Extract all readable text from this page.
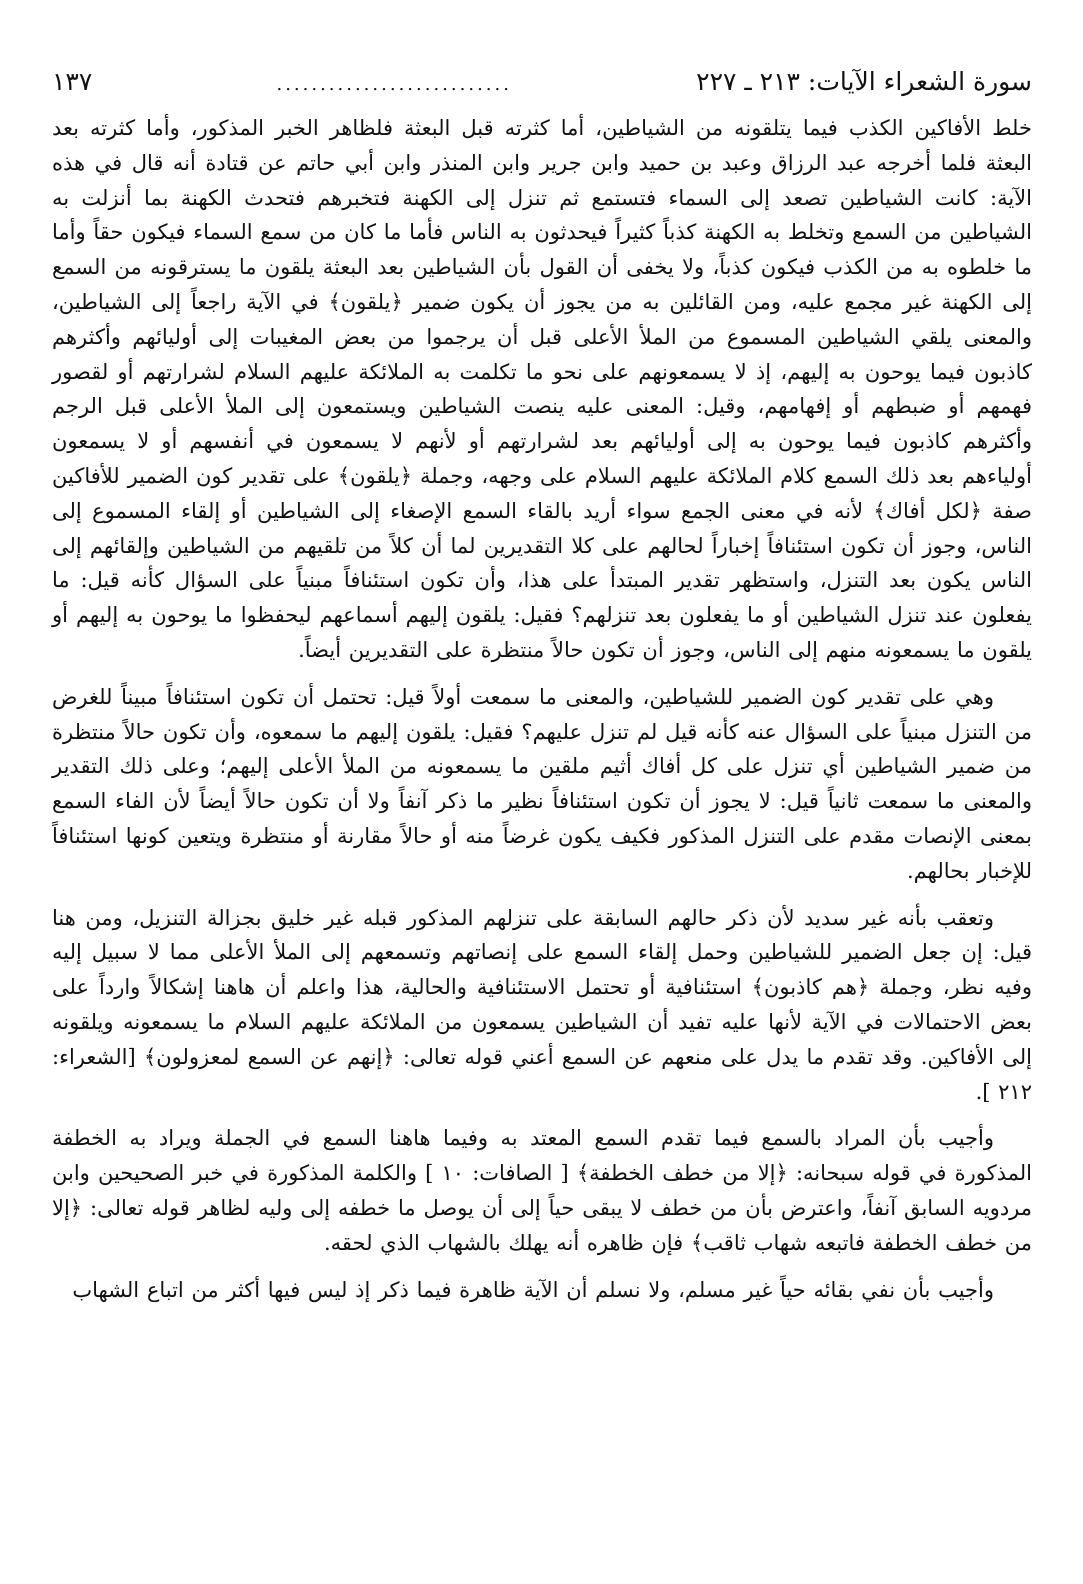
سورة الشعراء الآيات: ٢١٣ ـ ٢٢٧
...........................
١٣٧

خلط الأفاكين الكذب فيما يتلقونه من الشياطين، أما كثرته قبل البعثة فلظاهر الخبر المذكور، وأما كثرته بعد البعثة فلما أخرجه عبد الرزاق وعبد بن حميد وابن جرير وابن المنذر وابن أبي حاتم عن قتادة أنه قال في هذه الآية: كانت الشياطين تصعد إلى السماء فتستمع ثم تنزل إلى الكهنة فتخبرهم فتحدث الكهنة بما أنزلت به الشياطين من السمع وتخلط به الكهنة كذباً كثيراً فيحدثون به الناس فأما ما كان من سمع السماء فيكون حقاً وأما ما خلطوه به من الكذب فيكون كذباً، ولا يخفى أن القول بأن الشياطين بعد البعثة يلقون ما يسترقونه من السمع إلى الكهنة غير مجمع عليه، ومن القائلين به من يجوز أن يكون ضمير ﴿يلقون﴾ في الآية راجعاً إلى الشياطين، والمعنى يلقي الشياطين المسموع من الملأ الأعلى قبل أن يرجموا من بعض المغيبات إلى أوليائهم وأكثرهم كاذبون فيما يوحون به إليهم، إذ لا يسمعونهم على نحو ما تكلمت به الملائكة عليهم السلام لشرارتهم أو لقصور فهمهم أو ضبطهم أو إفهامهم، وقيل: المعنى عليه ينصت الشياطين ويستمعون إلى الملأ الأعلى قبل الرجم وأكثرهم كاذبون فيما يوحون به إلى أوليائهم بعد لشرارتهم أو لأنهم لا يسمعون في أنفسهم أو لا يسمعون أولياءهم بعد ذلك السمع كلام الملائكة عليهم السلام على وجهه، وجملة ﴿يلقون﴾ على تقدير كون الضمير للأفاكين صفة ﴿لكل أفاك﴾ لأنه في معنى الجمع سواء أريد بالقاء السمع الإصغاء إلى الشياطين أو إلقاء المسموع إلى الناس، وجوز أن تكون استئنافاً إخباراً لحالهم على كلا التقديرين لما أن كلاً من تلقيهم من الشياطين وإلقائهم إلى الناس يكون بعد التنزل، واستظهر تقدير المبتدأ على هذا، وأن تكون استئنافاً مبنياً على السؤال كأنه قيل: ما يفعلون عند تنزل الشياطين أو ما يفعلون بعد تنزلهم؟ فقيل: يلقون إليهم أسماعهم ليحفظوا ما يوحون به إليهم أو يلقون ما يسمعونه منهم إلى الناس، وجوز أن تكون حالاً منتظرة على التقديرين أيضاً.

وهي على تقدير كون الضمير للشياطين، والمعنى ما سمعت أولاً قيل: تحتمل أن تكون استئنافاً مبيناً للغرض من التنزل مبنياً على السؤال عنه كأنه قيل لم تنزل عليهم؟ فقيل: يلقون إليهم ما سمعوه، وأن تكون حالاً منتظرة من ضمير الشياطين أي تنزل على كل أفاك أثيم ملقين ما يسمعونه من الملأ الأعلى إليهم؛ وعلى ذلك التقدير والمعنى ما سمعت ثانياً قيل: لا يجوز أن تكون استئنافاً نظير ما ذكر آنفاً ولا أن تكون حالاً أيضاً لأن الفاء السمع بمعنى الإنصات مقدم على التنزل المذكور فكيف يكون غرضاً منه أو حالاً مقارنة أو منتظرة ويتعين كونها استئنافاً للإخبار بحالهم.

وتعقب بأنه غير سديد لأن ذكر حالهم السابقة على تنزلهم المذكور قبله غير خليق بجزالة التنزيل، ومن هنا قيل: إن جعل الضمير للشياطين وحمل إلقاء السمع على إنصاتهم وتسمعهم إلى الملأ الأعلى مما لا سبيل إليه وفيه نظر، وجملة ﴿هم كاذبون﴾ استئنافية أو تحتمل الاستئنافية والحالية، هذا واعلم أن هاهنا إشكالاً وارداً على بعض الاحتمالات في الآية لأنها عليه تفيد أن الشياطين يسمعون من الملائكة عليهم السلام ما يسمعونه ويلقونه إلى الأفاكين. وقد تقدم ما يدل على منعهم عن السمع أعني قوله تعالى: ﴿إنهم عن السمع لمعزولون﴾ [الشعراء: ٢١٢ ].

وأجيب بأن المراد بالسمع فيما تقدم السمع المعتد به وفيما هاهنا السمع في الجملة ويراد به الخطفة المذكورة في قوله سبحانه: ﴿إلا من خطف الخطفة﴾ [ الصافات: ١٠ ] والكلمة المذكورة في خبر الصحيحين وابن مردويه السابق آنفاً، واعترض بأن من خطف لا يبقى حياً إلى أن يوصل ما خطفه إلى وليه لظاهر قوله تعالى: ﴿إلا من خطف الخطفة فاتبعه شهاب ثاقب﴾ فإن ظاهره أنه يهلك بالشهاب الذي لحقه.

وأجيب بأن نفي بقائه حياً غير مسلم، ولا نسلم أن الآية ظاهرة فيما ذكر إذ ليس فيها أكثر من اتباع الشهاب
